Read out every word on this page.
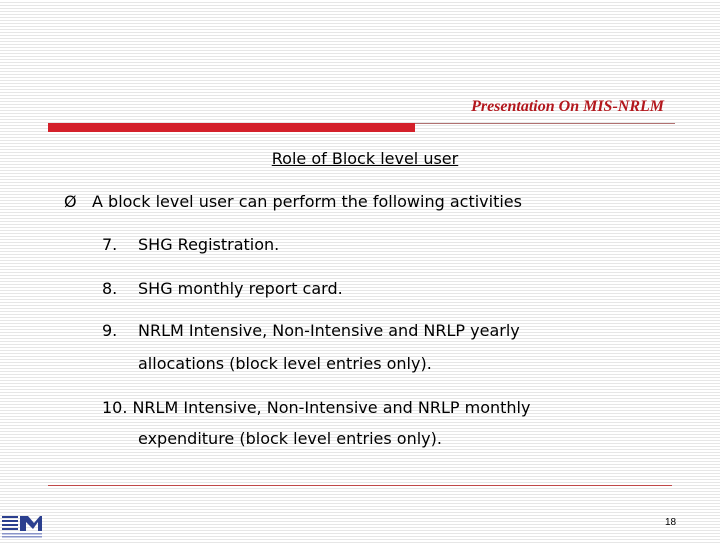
Presentation On MIS-NRLM
Role of Block level user
Ø A block level user can perform the following activities
7. SHG Registration.
8. SHG monthly report card.
9. NRLM Intensive, Non-Intensive and NRLP yearly
allocations (block level entries only).
10. NRLM Intensive, Non-Intensive and NRLP monthly
expenditure (block level entries only).
18
